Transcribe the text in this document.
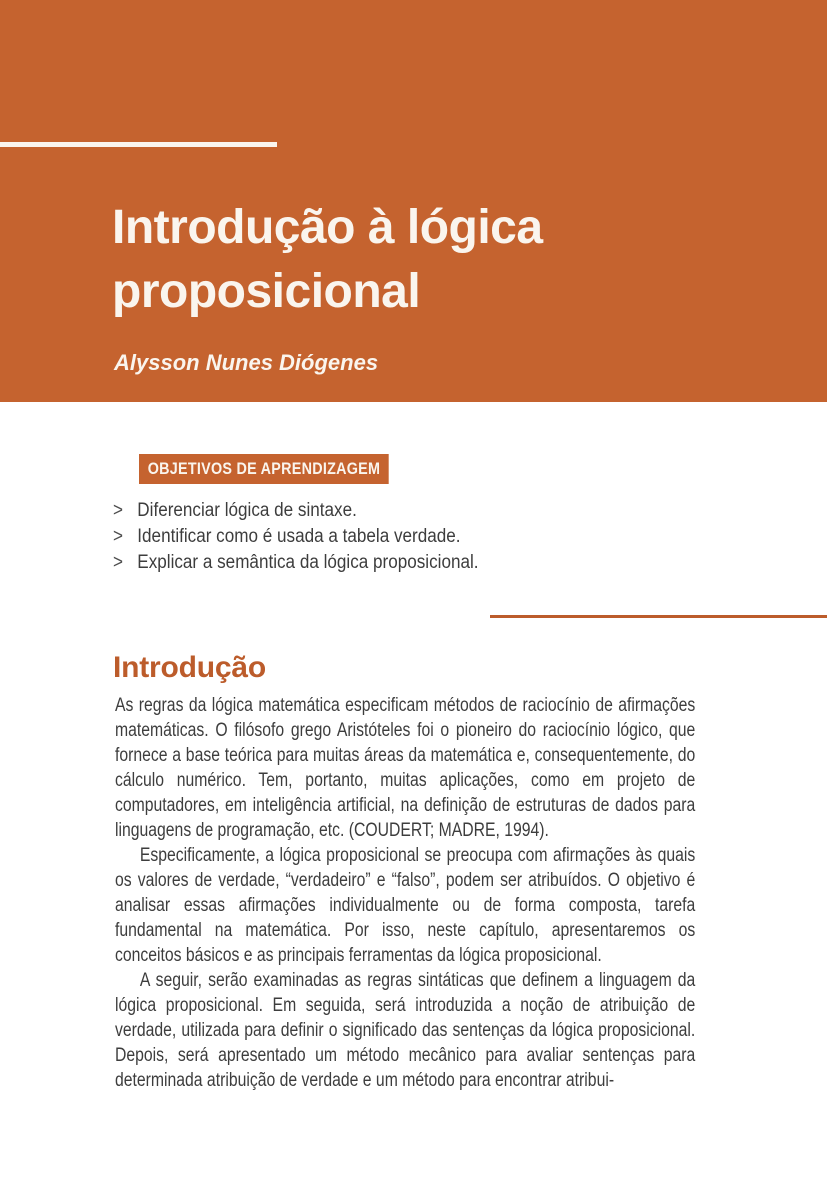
Introdução à lógica proposicional
Alysson Nunes Diógenes
OBJETIVOS DE APRENDIZAGEM
> Diferenciar lógica de sintaxe.
> Identificar como é usada a tabela verdade.
> Explicar a semântica da lógica proposicional.
Introdução

As regras da lógica matemática especificam métodos de raciocínio de afirmações matemáticas. O filósofo grego Aristóteles foi o pioneiro do raciocínio lógico, que fornece a base teórica para muitas áreas da matemática e, consequentemente, do cálculo numérico. Tem, portanto, muitas aplicações, como em projeto de computadores, em inteligência artificial, na definição de estruturas de dados para linguagens de programação, etc. (COUDERT; MADRE, 1994).

Especificamente, a lógica proposicional se preocupa com afirmações às quais os valores de verdade, “verdadeiro” e “falso”, podem ser atribuídos. O objetivo é analisar essas afirmações individualmente ou de forma composta, tarefa fundamental na matemática. Por isso, neste capítulo, apresentaremos os conceitos básicos e as principais ferramentas da lógica proposicional.

A seguir, serão examinadas as regras sintáticas que definem a linguagem da lógica proposicional. Em seguida, será introduzida a noção de atribuição de verdade, utilizada para definir o significado das sentenças da lógica proposicional. Depois, será apresentado um método mecânico para avaliar sentenças para determinada atribuição de verdade e um método para encontrar atribui-
